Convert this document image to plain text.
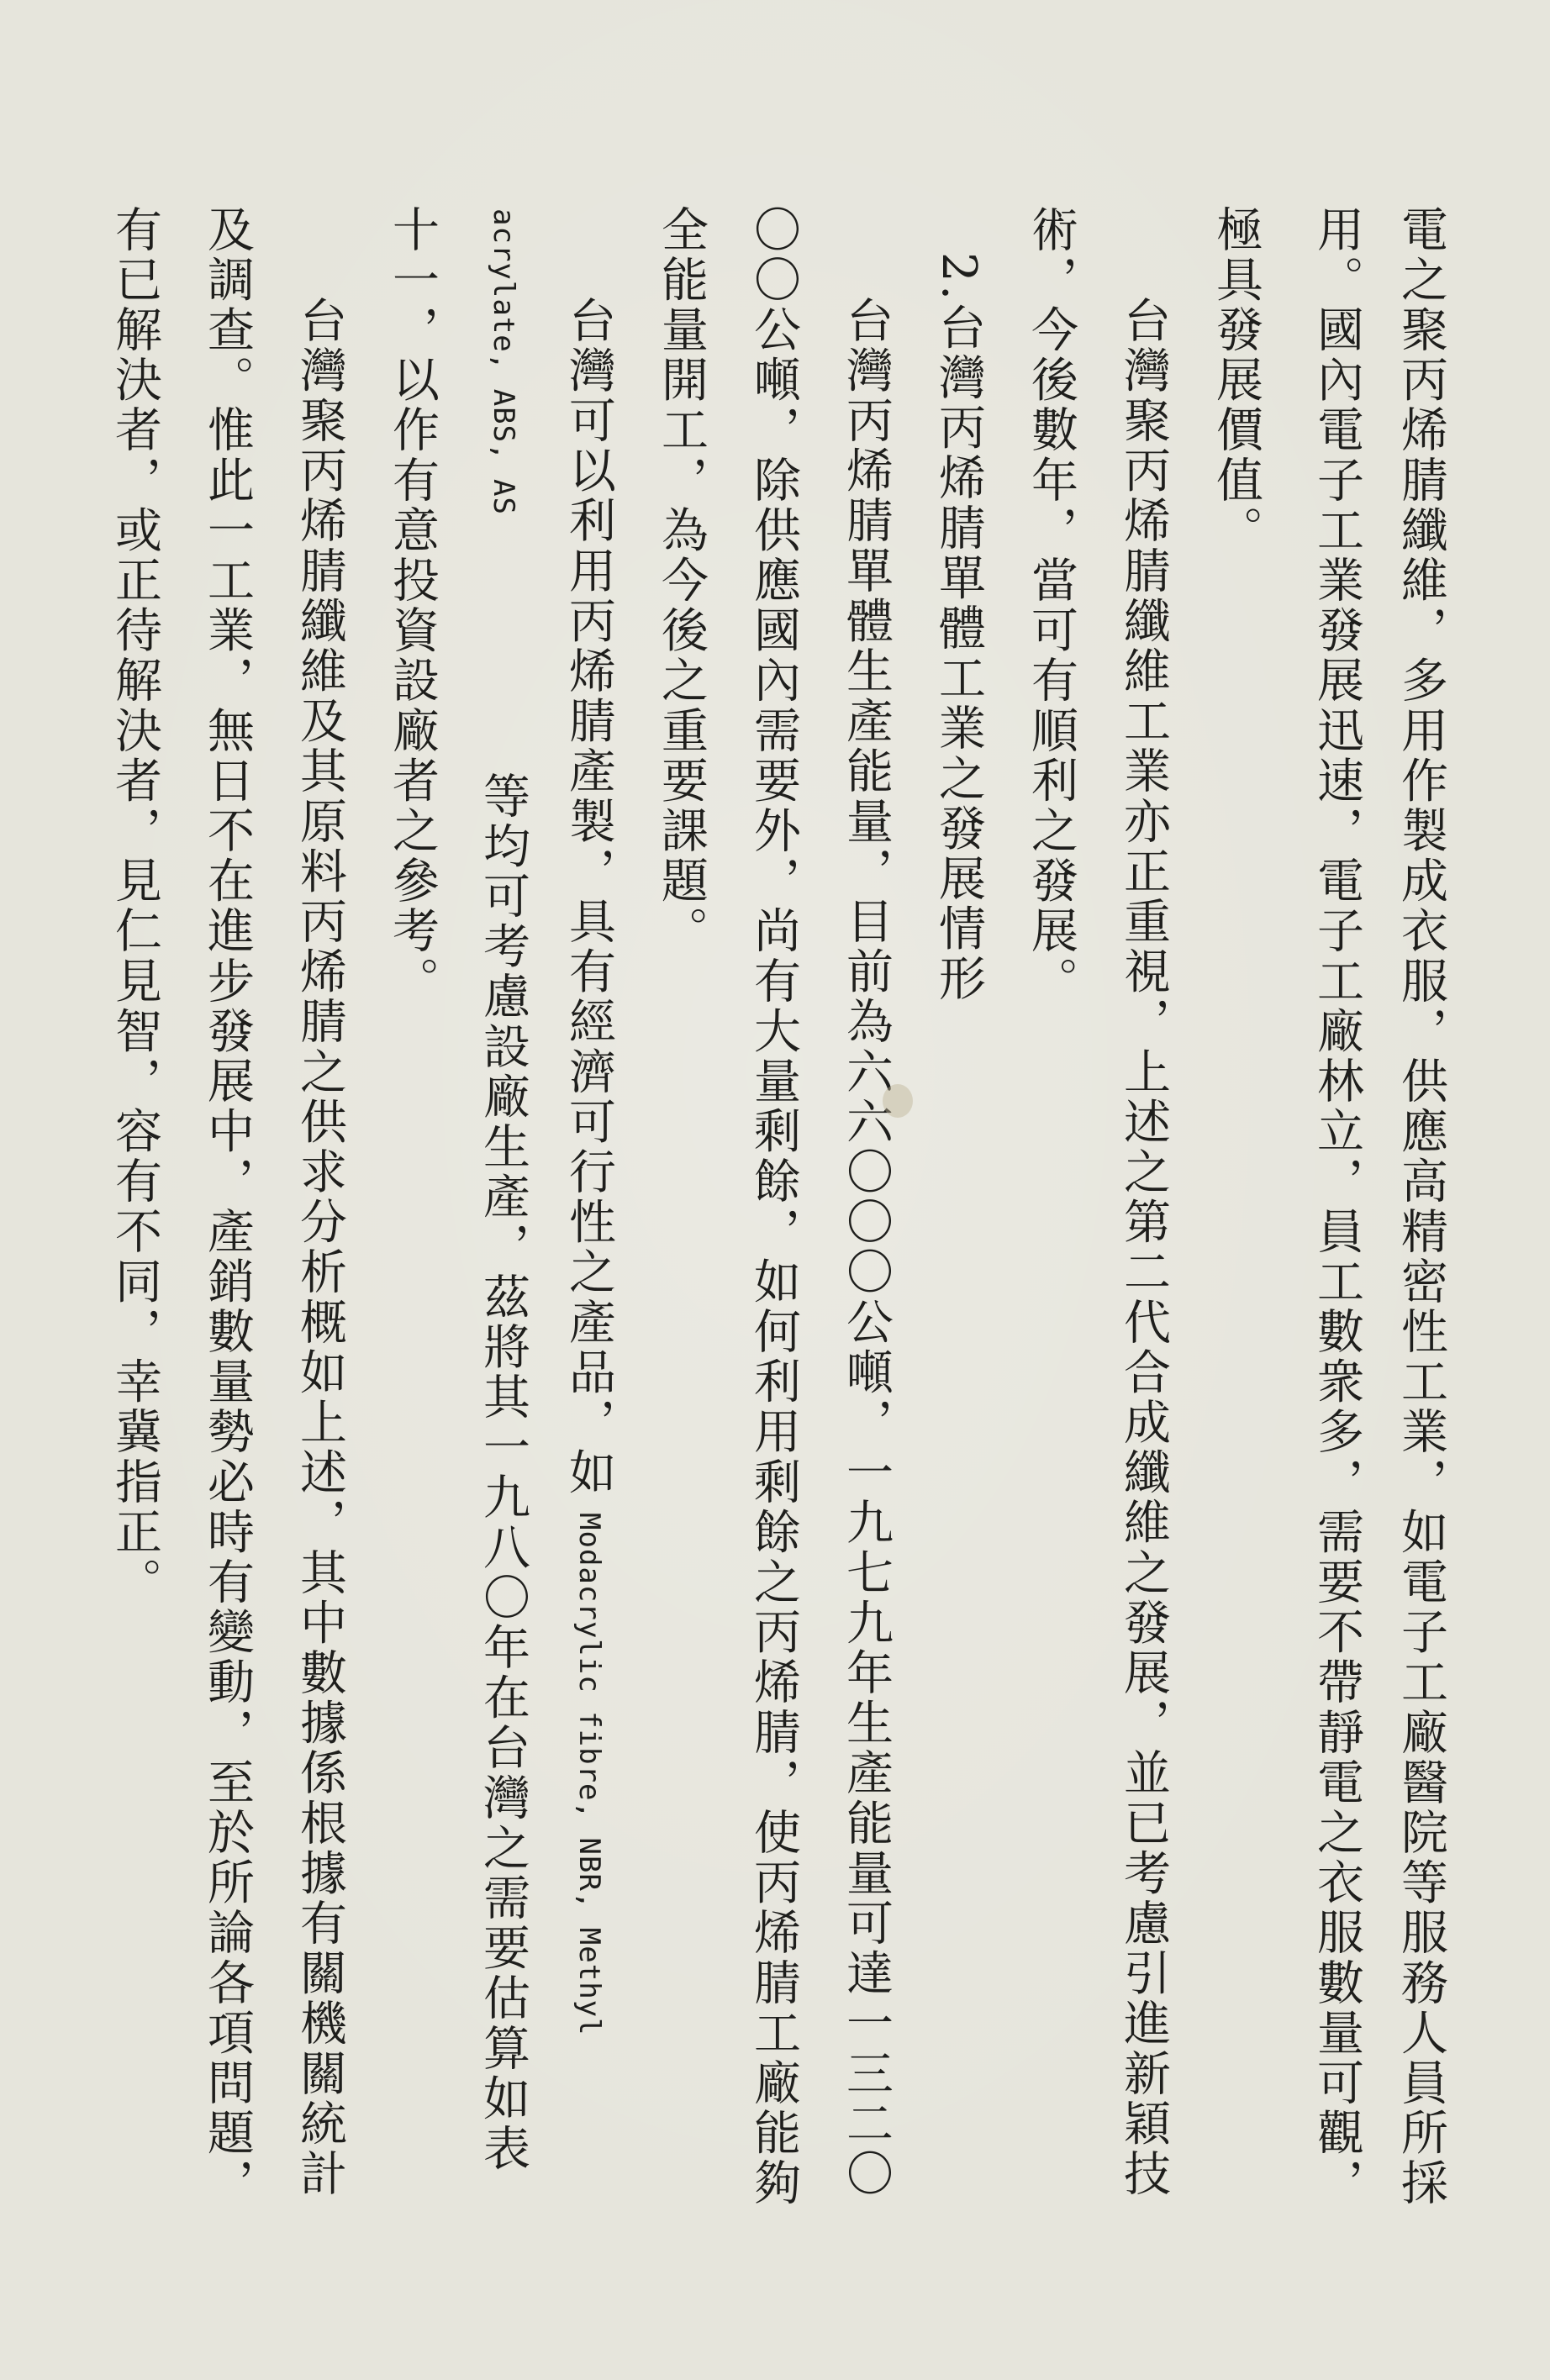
電之聚丙烯腈纖維，多用作製成衣服，供應高精密性工業，如電子工廠醫院等服務人員所採
用。國內電子工業發展迅速，電子工廠林立，員工數衆多，需要不帶靜電之衣服數量可觀，
極具發展價值。
台灣聚丙烯腈纖維工業亦正重視，上述之第二代合成纖維之發展，並已考慮引進新穎技
術，今後數年，當可有順利之發展。
2.台灣丙烯腈單體工業之發展情形
台灣丙烯腈單體生產能量，目前為六六〇〇〇公噸，一九七九年生產能量可達一三二〇
〇〇公噸，除供應國內需要外，尚有大量剩餘，如何利用剩餘之丙烯腈，使丙烯腈工廠能夠
全能量開工，為今後之重要課題。
台灣可以利用丙烯腈產製，具有經濟可行性之產品，如
Modacrylic fibre, NBR, Methyl
acrylate, ABS, AS
等均可考慮設廠生產，茲將其一九八〇年在台灣之需要估算如表
十一，以作有意投資設廠者之參考。
台灣聚丙烯腈纖維及其原料丙烯腈之供求分析概如上述，其中數據係根據有關機關統計
及調查。惟此一工業，無日不在進步發展中，產銷數量勢必時有變動，至於所論各項問題，
有已解決者，或正待解決者，見仁見智，容有不同，幸冀指正。
